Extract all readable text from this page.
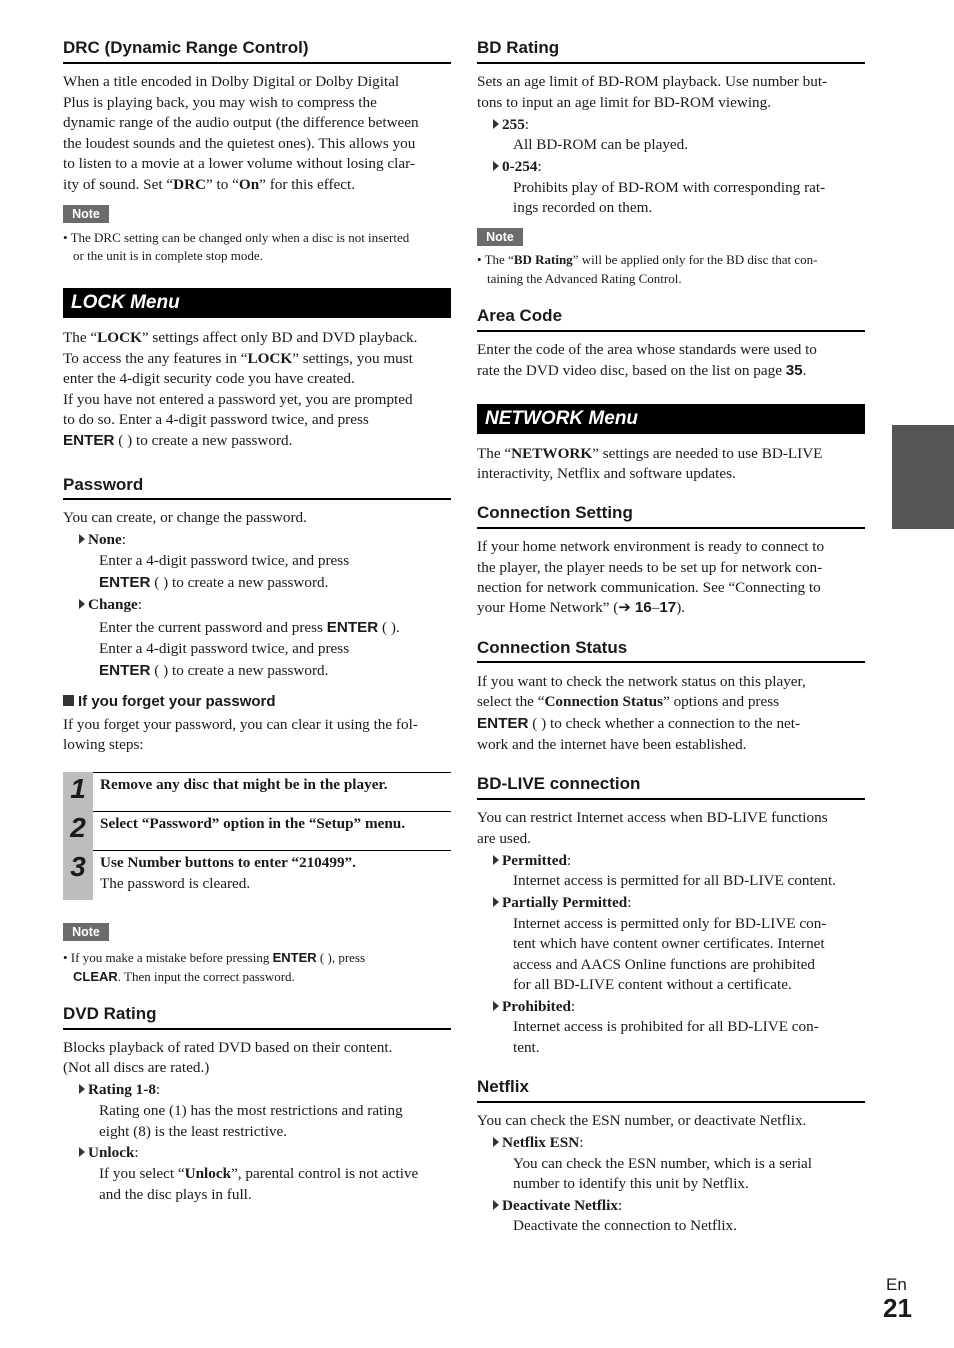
DRC (Dynamic Range Control)

When a title encoded in Dolby Digital or Dolby Digital

Plus is playing back, you may wish to compress the

dynamic range of the audio output (the difference between

the loudest sounds and the quietest ones). This allows you

to listen to a movie at a lower volume without losing clar-

ity of sound. Set “DRC” to “On” for this effect.

Note

• The DRC setting can be changed only when a disc is not inserted

or the unit is in complete stop mode.

LOCK Menu

The “LOCK” settings affect only BD and DVD playback.

To access the any features in “LOCK” settings, you must

enter the 4-digit security code you have created.

If you have not entered a password yet, you are prompted

to do so. Enter a 4-digit password twice, and press

ENTER ( ) to create a new password.

Password

You can create, or change the password.

None:

Enter a 4-digit password twice, and press

ENTER ( ) to create a new password.

Change:

Enter the current password and press ENTER ( ).

Enter a 4-digit password twice, and press

ENTER ( ) to create a new password.

If you forget your password

If you forget your password, you can clear it using the fol-

lowing steps:

1 Remove any disc that might be in the player.

2 Select “Password” option in the “Setup” menu.

3 Use Number buttons to enter “210499”.

The password is cleared.

Note

• If you make a mistake before pressing ENTER ( ), press

CLEAR. Then input the correct password.

DVD Rating

Blocks playback of rated DVD based on their content.

(Not all discs are rated.)

Rating 1-8:

Rating one (1) has the most restrictions and rating

eight (8) is the least restrictive.

Unlock:

If you select “Unlock”, parental control is not active

and the disc plays in full.

BD Rating

Sets an age limit of BD-ROM playback. Use number but-

tons to input an age limit for BD-ROM viewing.

255:

All BD-ROM can be played.

0-254:

Prohibits play of BD-ROM with corresponding rat-

ings recorded on them.

Note

• The “BD Rating” will be applied only for the BD disc that con-

taining the Advanced Rating Control.

Area Code

Enter the code of the area whose standards were used to

rate the DVD video disc, based on the list on page 35.

NETWORK Menu

The “NETWORK” settings are needed to use BD-LIVE

interactivity, Netflix and software updates.

Connection Setting

If your home network environment is ready to connect to

the player, the player needs to be set up for network con-

nection for network communication. See “Connecting to

your Home Network” (➔ 16–17).

Connection Status

If you want to check the network status on this player,

select the “Connection Status” options and press

ENTER ( ) to check whether a connection to the net-

work and the internet have been established.

BD-LIVE connection

You can restrict Internet access when BD-LIVE functions

are used.

Permitted:

Internet access is permitted for all BD-LIVE content.

Partially Permitted:

Internet access is permitted only for BD-LIVE con-

tent which have content owner certificates. Internet

access and AACS Online functions are prohibited

for all BD-LIVE content without a certificate.

Prohibited:

Internet access is prohibited for all BD-LIVE con-

tent.

Netflix

You can check the ESN number, or deactivate Netflix.

Netflix ESN:

You can check the ESN number, which is a serial

number to identify this unit by Netflix.

Deactivate Netflix:

Deactivate the connection to Netflix.

En
21
